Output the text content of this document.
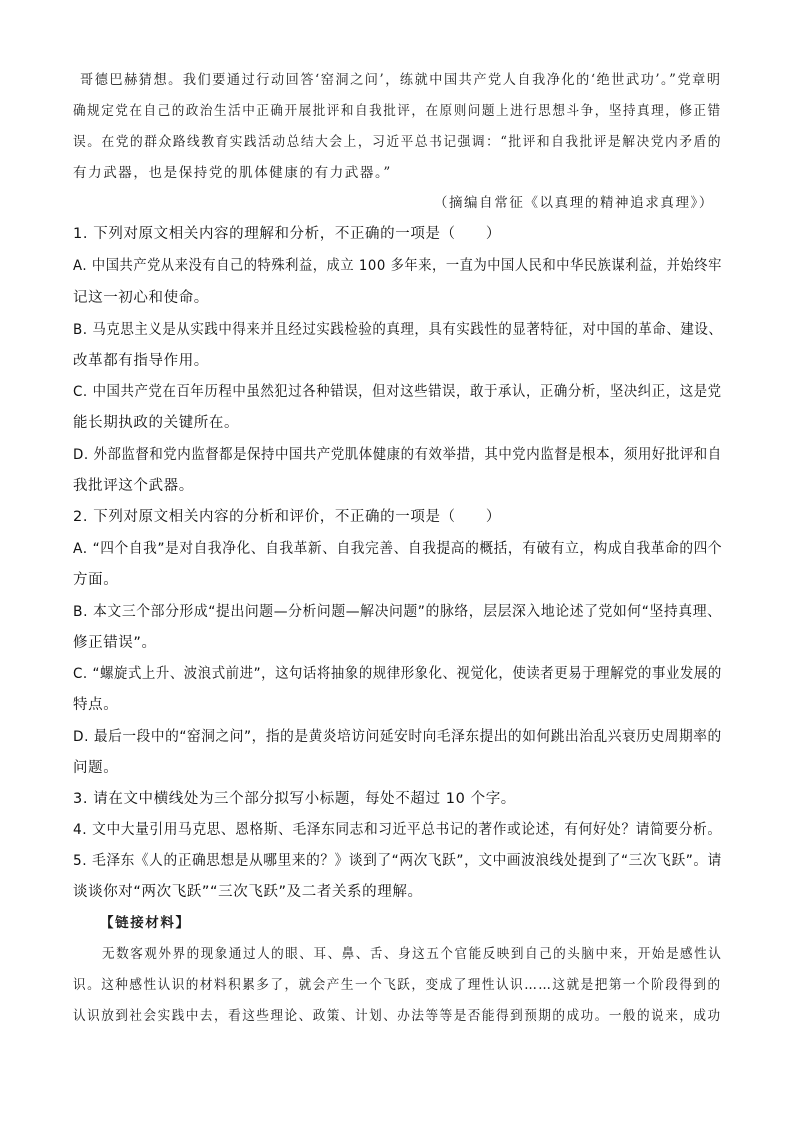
哥德巴赫猜想。我们要通过行动回答‘窑洞之问’，练就中国共产党人自我净化的‘绝世武功’。”党章明
确规定党在自己的政治生活中正确开展批评和自我批评，在原则问题上进行思想斗争，坚持真理，修正错
误。在党的群众路线教育实践活动总结大会上，习近平总书记强调：“批评和自我批评是解决党内矛盾的
有力武器，也是保持党的肌体健康的有力武器。”
（摘编自常征《以真理的精神追求真理》）
1. 下列对原文相关内容的理解和分析，不正确的一项是（　　）
A. 中国共产党从来没有自己的特殊利益，成立 100 多年来，一直为中国人民和中华民族谋利益，并始终牢
记这一初心和使命。
B. 马克思主义是从实践中得来并且经过实践检验的真理，具有实践性的显著特征，对中国的革命、建设、
改革都有指导作用。
C. 中国共产党在百年历程中虽然犯过各种错误，但对这些错误，敢于承认，正确分析，坚决纠正，这是党
能长期执政的关键所在。
D. 外部监督和党内监督都是保持中国共产党肌体健康的有效举措，其中党内监督是根本，须用好批评和自
我批评这个武器。
2. 下列对原文相关内容的分析和评价，不正确的一项是（　　）
A. “四个自我”是对自我净化、自我革新、自我完善、自我提高的概括，有破有立，构成自我革命的四个
方面。
B. 本文三个部分形成“提出问题—分析问题—解决问题”的脉络，层层深入地论述了党如何“坚持真理、
修正错误”。
C. “螺旋式上升、波浪式前进”，这句话将抽象的规律形象化、视觉化，使读者更易于理解党的事业发展的
特点。
D. 最后一段中的“窑洞之问”，指的是黄炎培访问延安时向毛泽东提出的如何跳出治乱兴衰历史周期率的
问题。
3. 请在文中横线处为三个部分拟写小标题，每处不超过 10 个字。
4. 文中大量引用马克思、恩格斯、毛泽东同志和习近平总书记的著作或论述，有何好处？请简要分析。
5. 毛泽东《人的正确思想是从哪里来的？》谈到了“两次飞跃”，文中画波浪线处提到了“三次飞跃”。请
谈谈你对“两次飞跃”“三次飞跃”及二者关系的理解。
【链接材料】
无数客观外界的现象通过人的眼、耳、鼻、舌、身这五个官能反映到自己的头脑中来，开始是感性认
识。这种感性认识的材料积累多了，就会产生一个飞跃，变成了理性认识……这就是把第一个阶段得到的
认识放到社会实践中去，看这些理论、政策、计划、办法等等是否能得到预期的成功。一般的说来，成功
